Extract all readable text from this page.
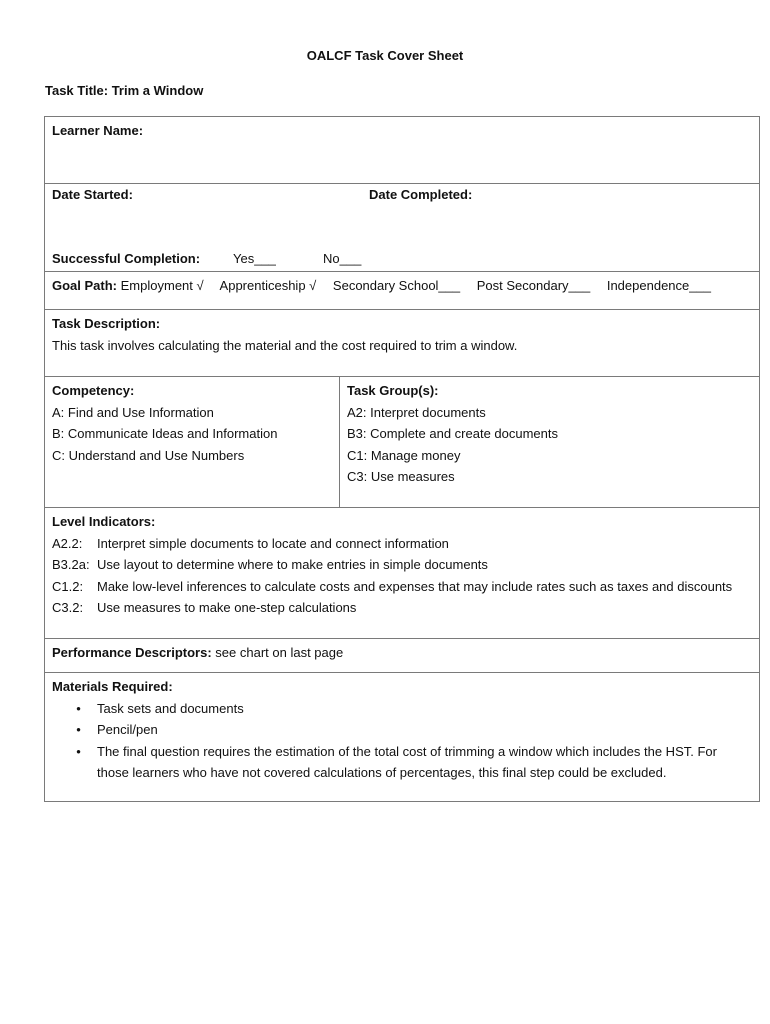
OALCF Task Cover Sheet
Task Title: Trim a Window
Learner Name:

Date Started:	Date Completed:
Successful Completion:	Yes___	No___

Goal Path: Employment √ Apprenticeship √ Secondary School___ Post Secondary___ Independence___

Task Description:
This task involves calculating the material and the cost required to trim a window.

Competency:
A: Find and Use Information
B: Communicate Ideas and Information
C: Understand and Use Numbers

Task Group(s):
A2: Interpret documents
B3: Complete and create documents
C1: Manage money
C3: Use measures

Level Indicators:
A2.2:	Interpret simple documents to locate and connect information
B3.2a: Use layout to determine where to make entries in simple documents
C1.2:	Make low-level inferences to calculate costs and expenses that may include rates such as taxes and discounts
C3.2:	Use measures to make one-step calculations

Performance Descriptors: see chart on last page

Materials Required:
•	Task sets and documents
•	Pencil/pen
•	The final question requires the estimation of the total cost of trimming a window which includes the HST. For those learners who have not covered calculations of percentages, this final step could be excluded.
